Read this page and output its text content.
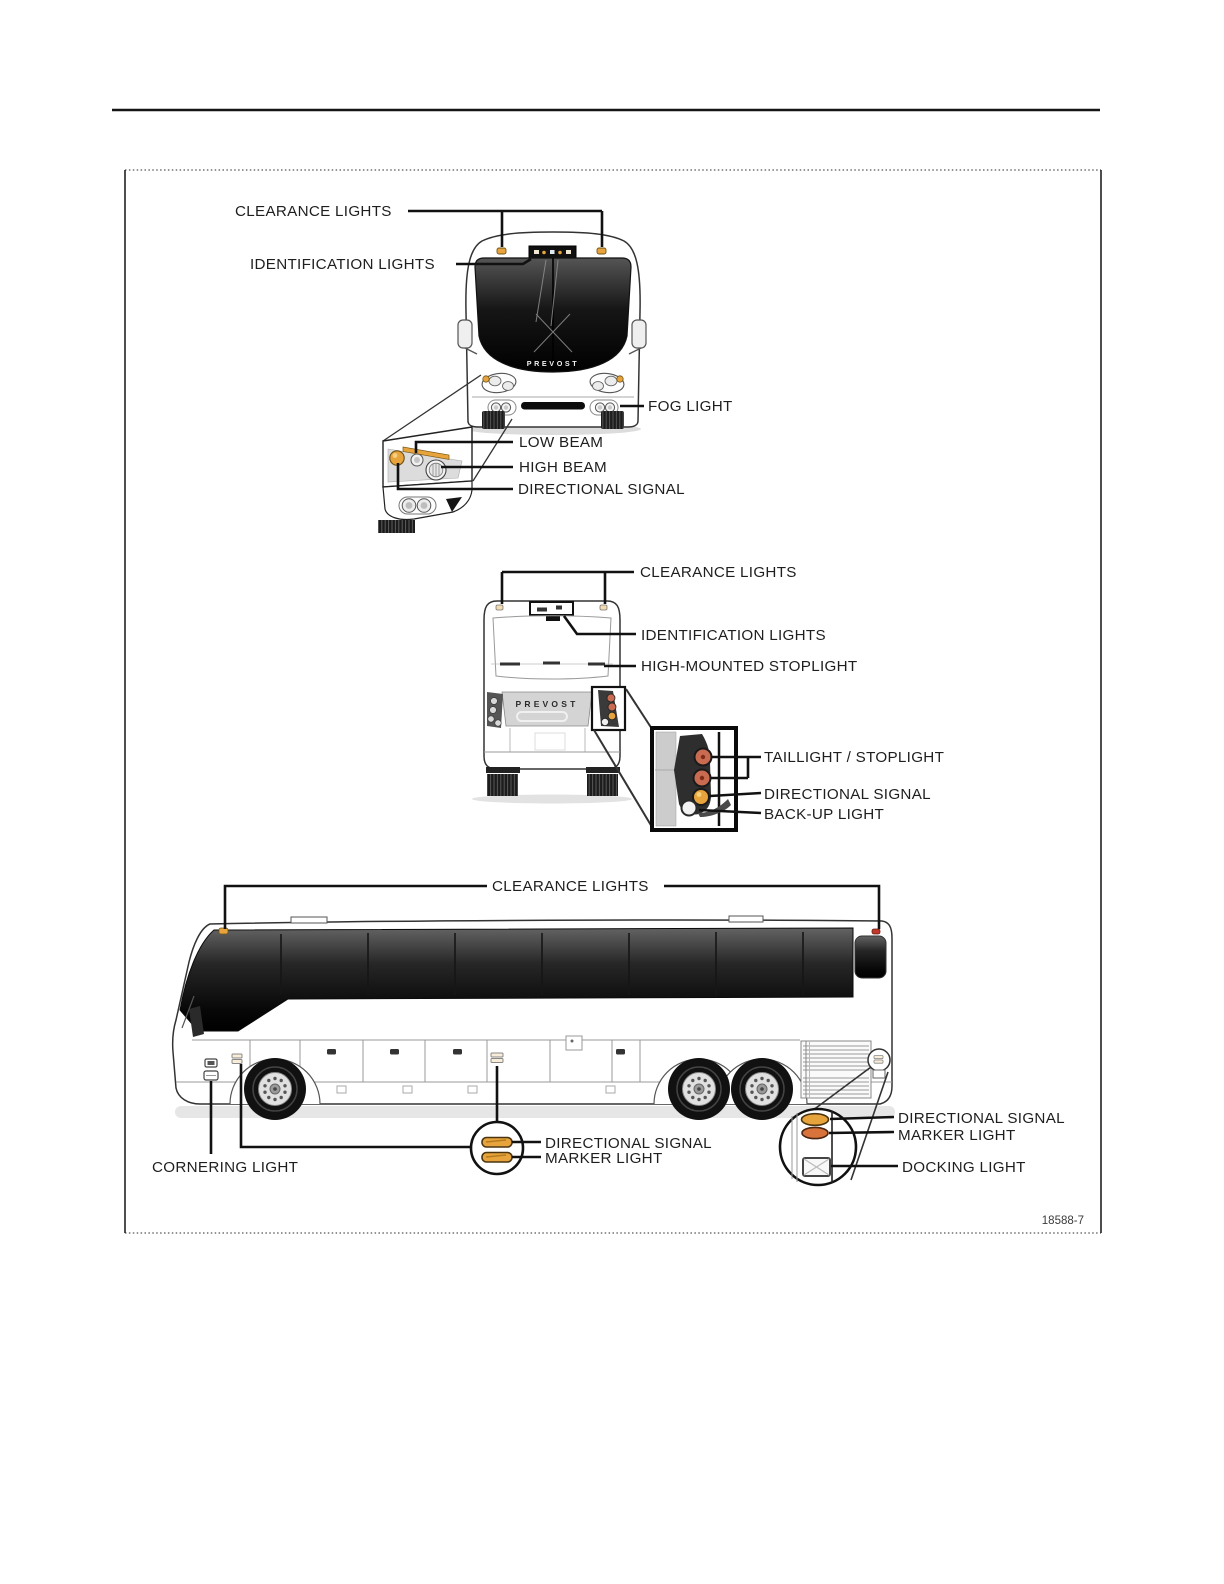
PREVOST
CLEARANCE LIGHTS
IDENTIFICATION LIGHTS
FOG LIGHT
LOW BEAM
HIGH BEAM
DIRECTIONAL SIGNAL
PREVOST
CLEARANCE LIGHTS
IDENTIFICATION LIGHTS
HIGH-MOUNTED STOPLIGHT
TAILLIGHT / STOPLIGHT
DIRECTIONAL SIGNAL
BACK-UP LIGHT
CLEARANCE LIGHTS
CORNERING LIGHT
DIRECTIONAL SIGNAL
MARKER LIGHT
DIRECTIONAL SIGNAL
MARKER LIGHT
DOCKING LIGHT
18588-7
